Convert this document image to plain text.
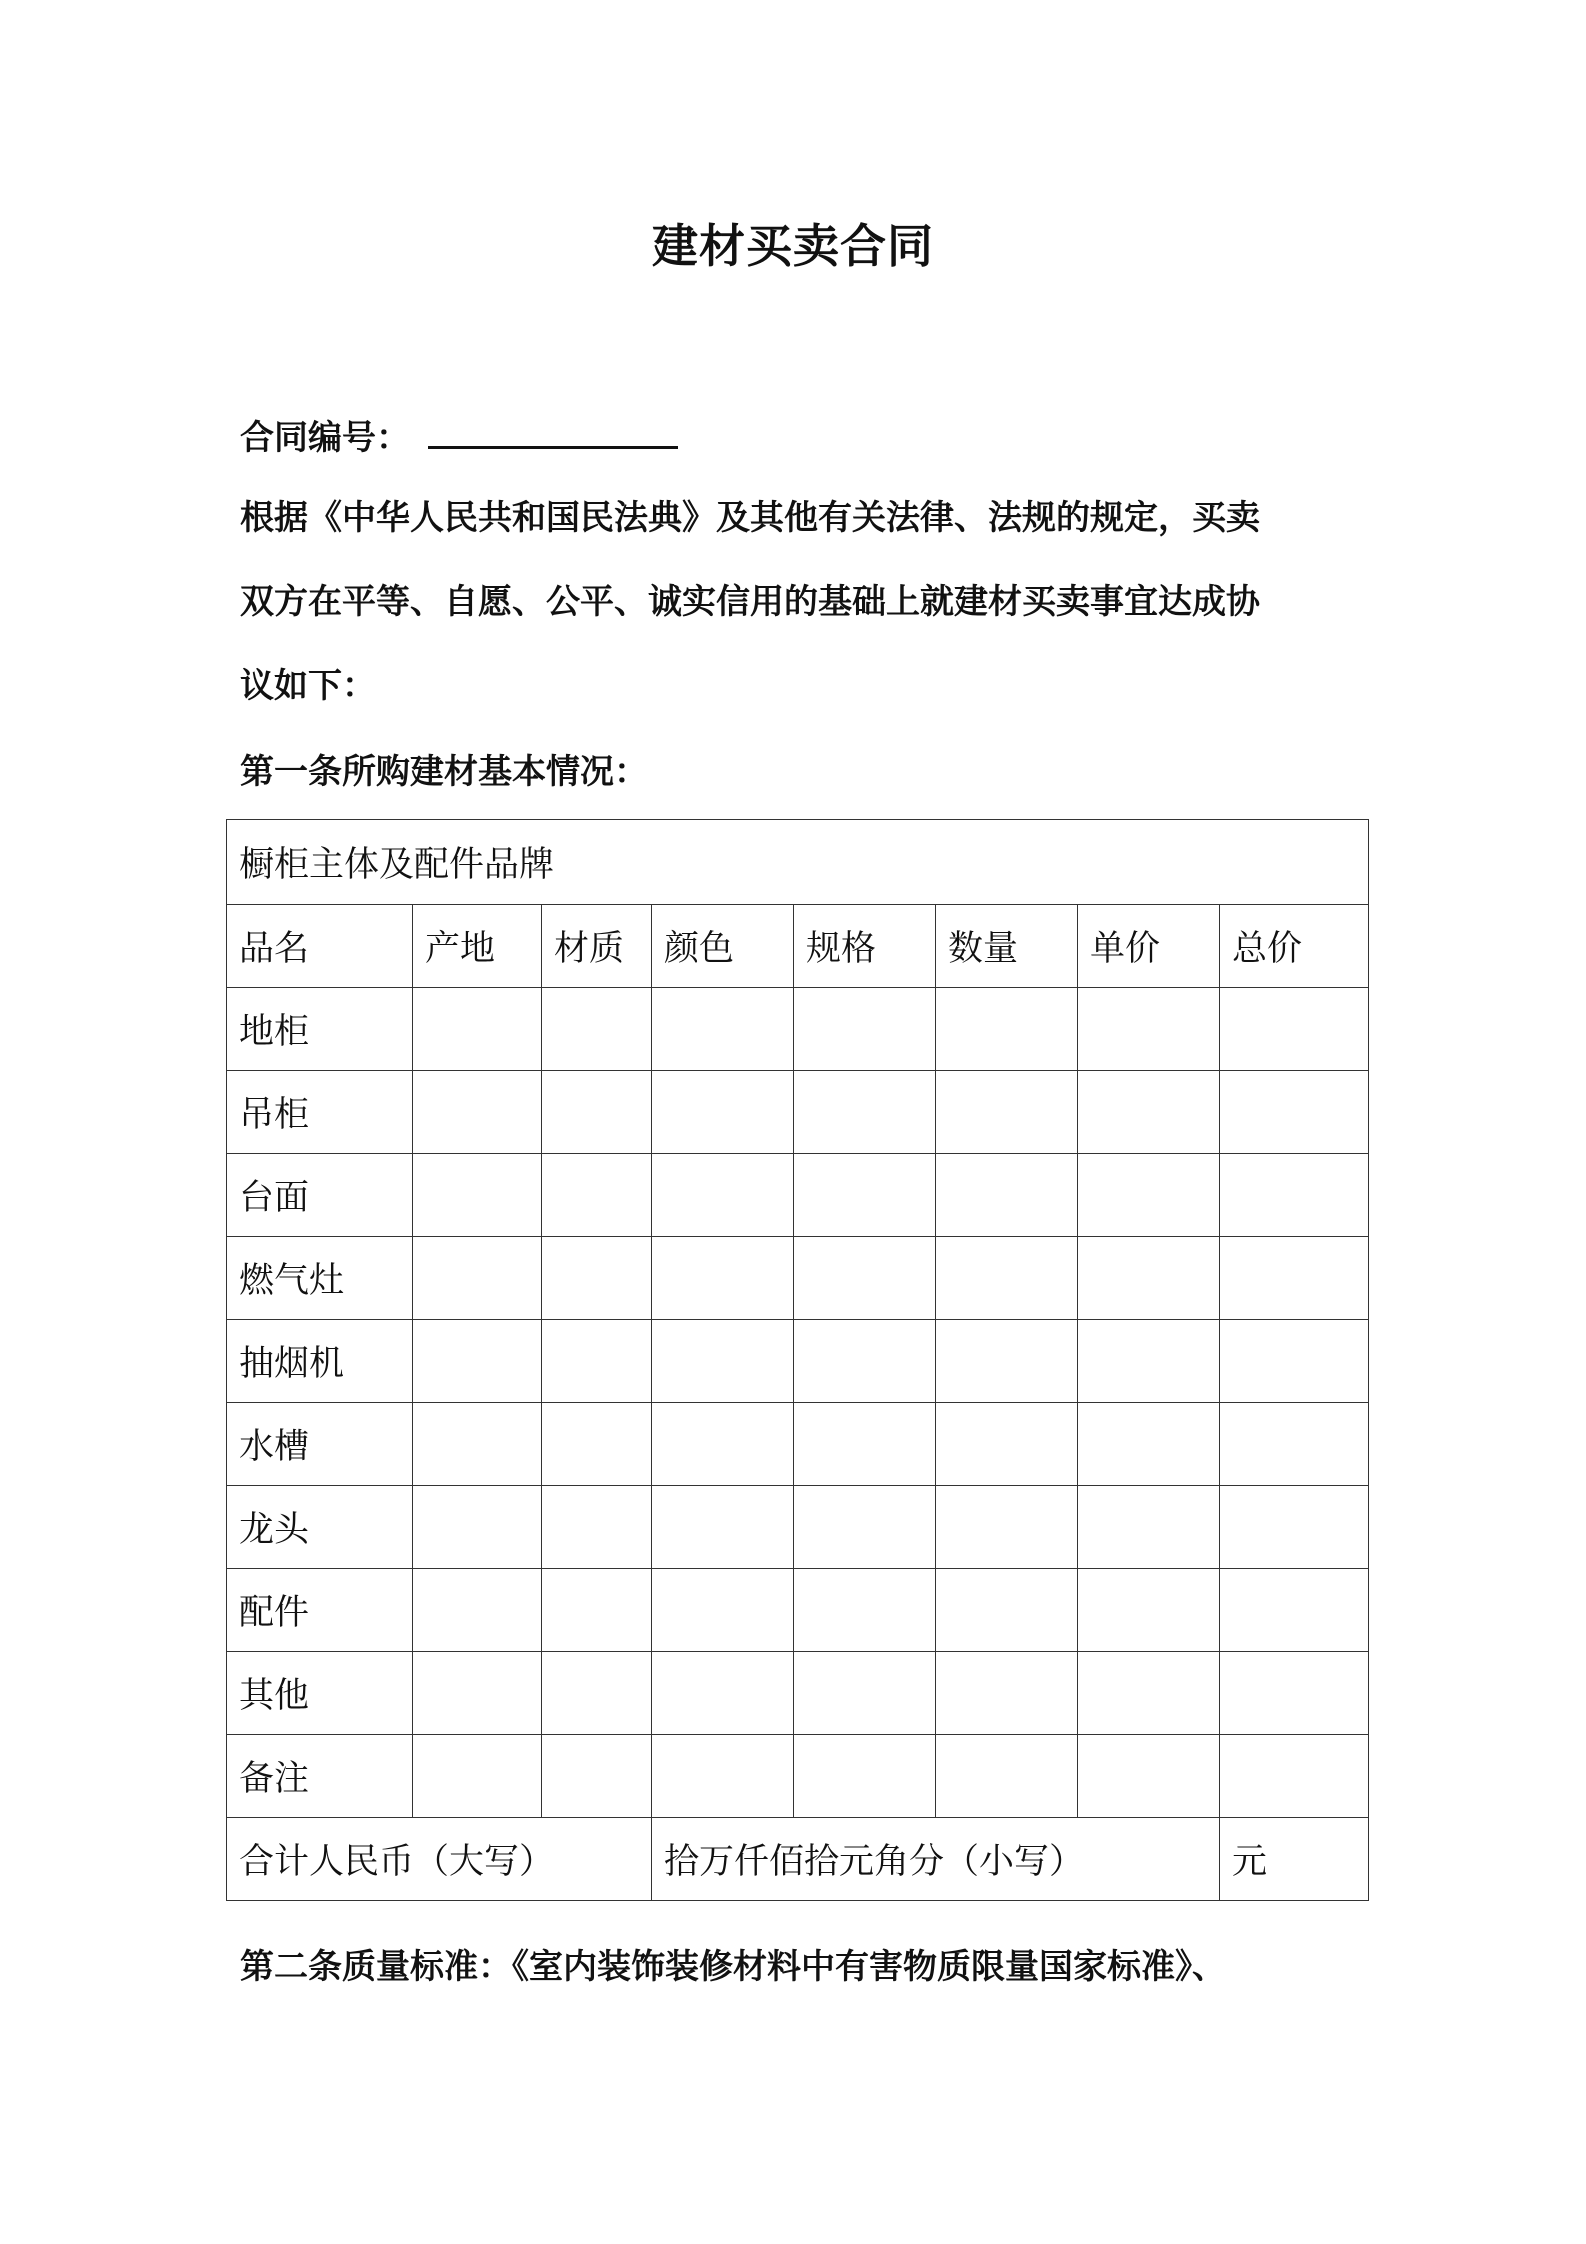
建材买卖合同
合同编号：
根据《中华人民共和国民法典》及其他有关法律、法规的规定，买卖
双方在平等、自愿、公平、诚实信用的基础上就建材买卖事宜达成协
议如下：
第一条所购建材基本情况：
橱柜主体及配件品牌							
品名	产地	材质	颜色	规格	数量	单价	总价
地柜							
吊柜							
台面							
燃气灶							
抽烟机							
水槽							
龙头							
配件							
其他							
备注							
合计人民币（大写）			拾万仟佰拾元角分（小写）				元
第二条质量标准：《室内装饰装修材料中有害物质限量国家标准》、
